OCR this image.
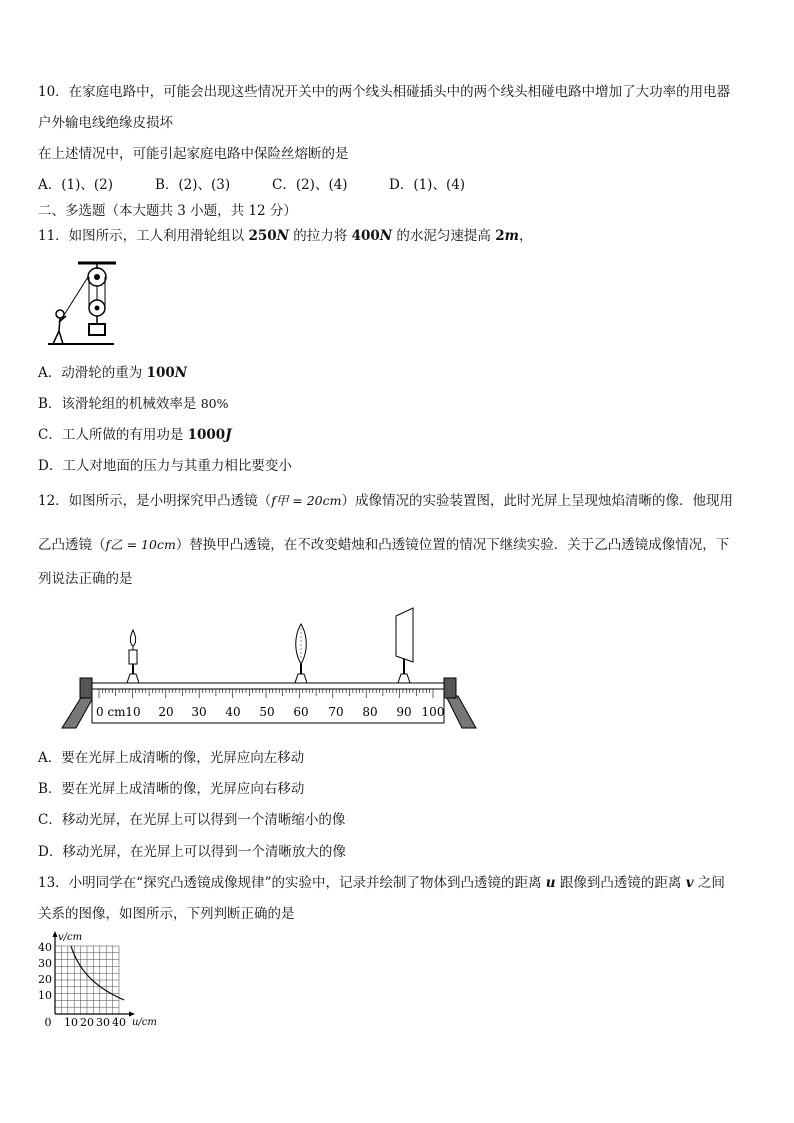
10．在家庭电路中，可能会出现这些情况开关中的两个线头相碰插头中的两个线头相碰电路中增加了大功率的用电器
户外输电线绝缘皮损坏
在上述情况中，可能引起家庭电路中保险丝熔断的是
A．(1)、(2)	B．(2)、(3)	C．(2)、(4)	D．(1)、(4)
二、多选题（本大题共 3 小题，共 12 分）
11．如图所示，工人利用滑轮组以 250N 的拉力将 400N 的水泥匀速提高 2m，
A．动滑轮的重为 100N
B．该滑轮组的机械效率是 80%
C．工人所做的有用功是 1000J
D．工人对地面的压力与其重力相比要变小
12．如图所示，是小明探究甲凸透镜（f甲 = 20cm）成像情况的实验装置图，此时光屏上呈现烛焰清晰的像．他现用
乙凸透镜（f乙 = 10cm）替换甲凸透镜，在不改变蜡烛和凸透镜位置的情况下继续实验．关于乙凸透镜成像情况，下
列说法正确的是
0 cm 10 20 30 40 50 60 70 80 90 100
A．要在光屏上成清晰的像，光屏应向左移动
B．要在光屏上成清晰的像，光屏应向右移动
C．移动光屏，在光屏上可以得到一个清晰缩小的像
D．移动光屏，在光屏上可以得到一个清晰放大的像
13．小明同学在“探究凸透镜成像规律”的实验中，记录并绘制了物体到凸透镜的距离 u 跟像到凸透镜的距离 v 之间
关系的图像，如图所示，下列判断正确的是
v/cm
u/cm
40
30
20
10
0 10 20 30 40
